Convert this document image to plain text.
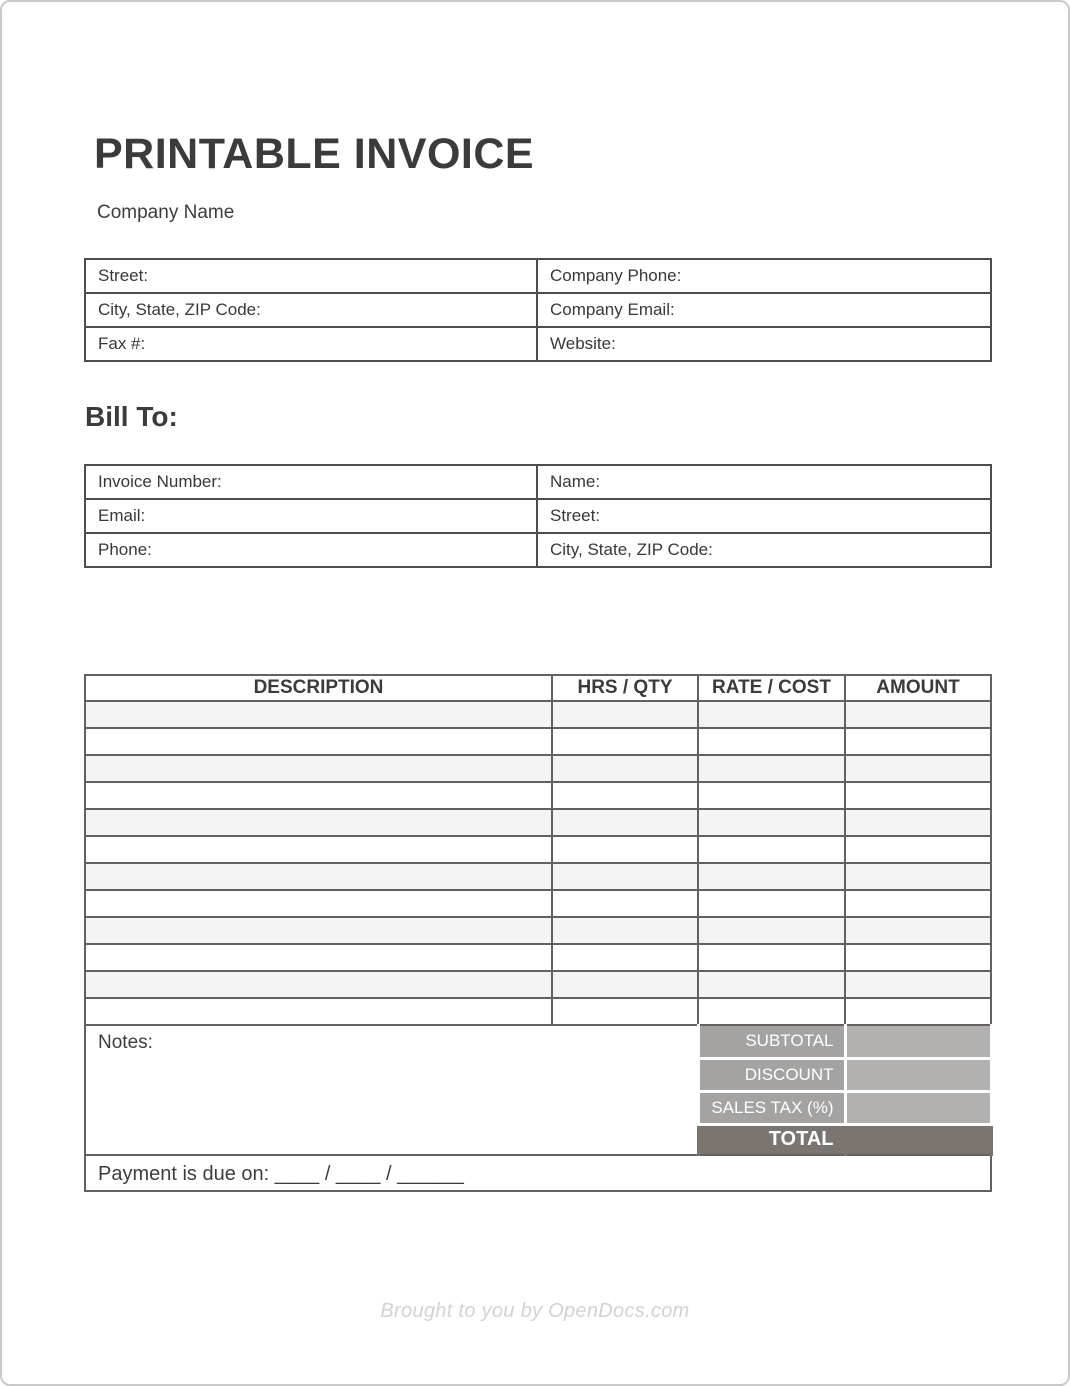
PRINTABLE INVOICE
Company Name
Street:	Company Phone:
City, State, ZIP Code:	Company Email:
Fax #:	Website:
Bill To:
Invoice Number:	Name:
Email:	Street:
Phone:	City, State, ZIP Code:
DESCRIPTION	HRS / QTY	RATE / COST	AMOUNT

Notes:		SUBTOTAL	
		DISCOUNT	
		SALES TAX (%)	
		TOTAL	
Payment is due on: ____ / ____ / ______			
Brought to you by OpenDocs.com
